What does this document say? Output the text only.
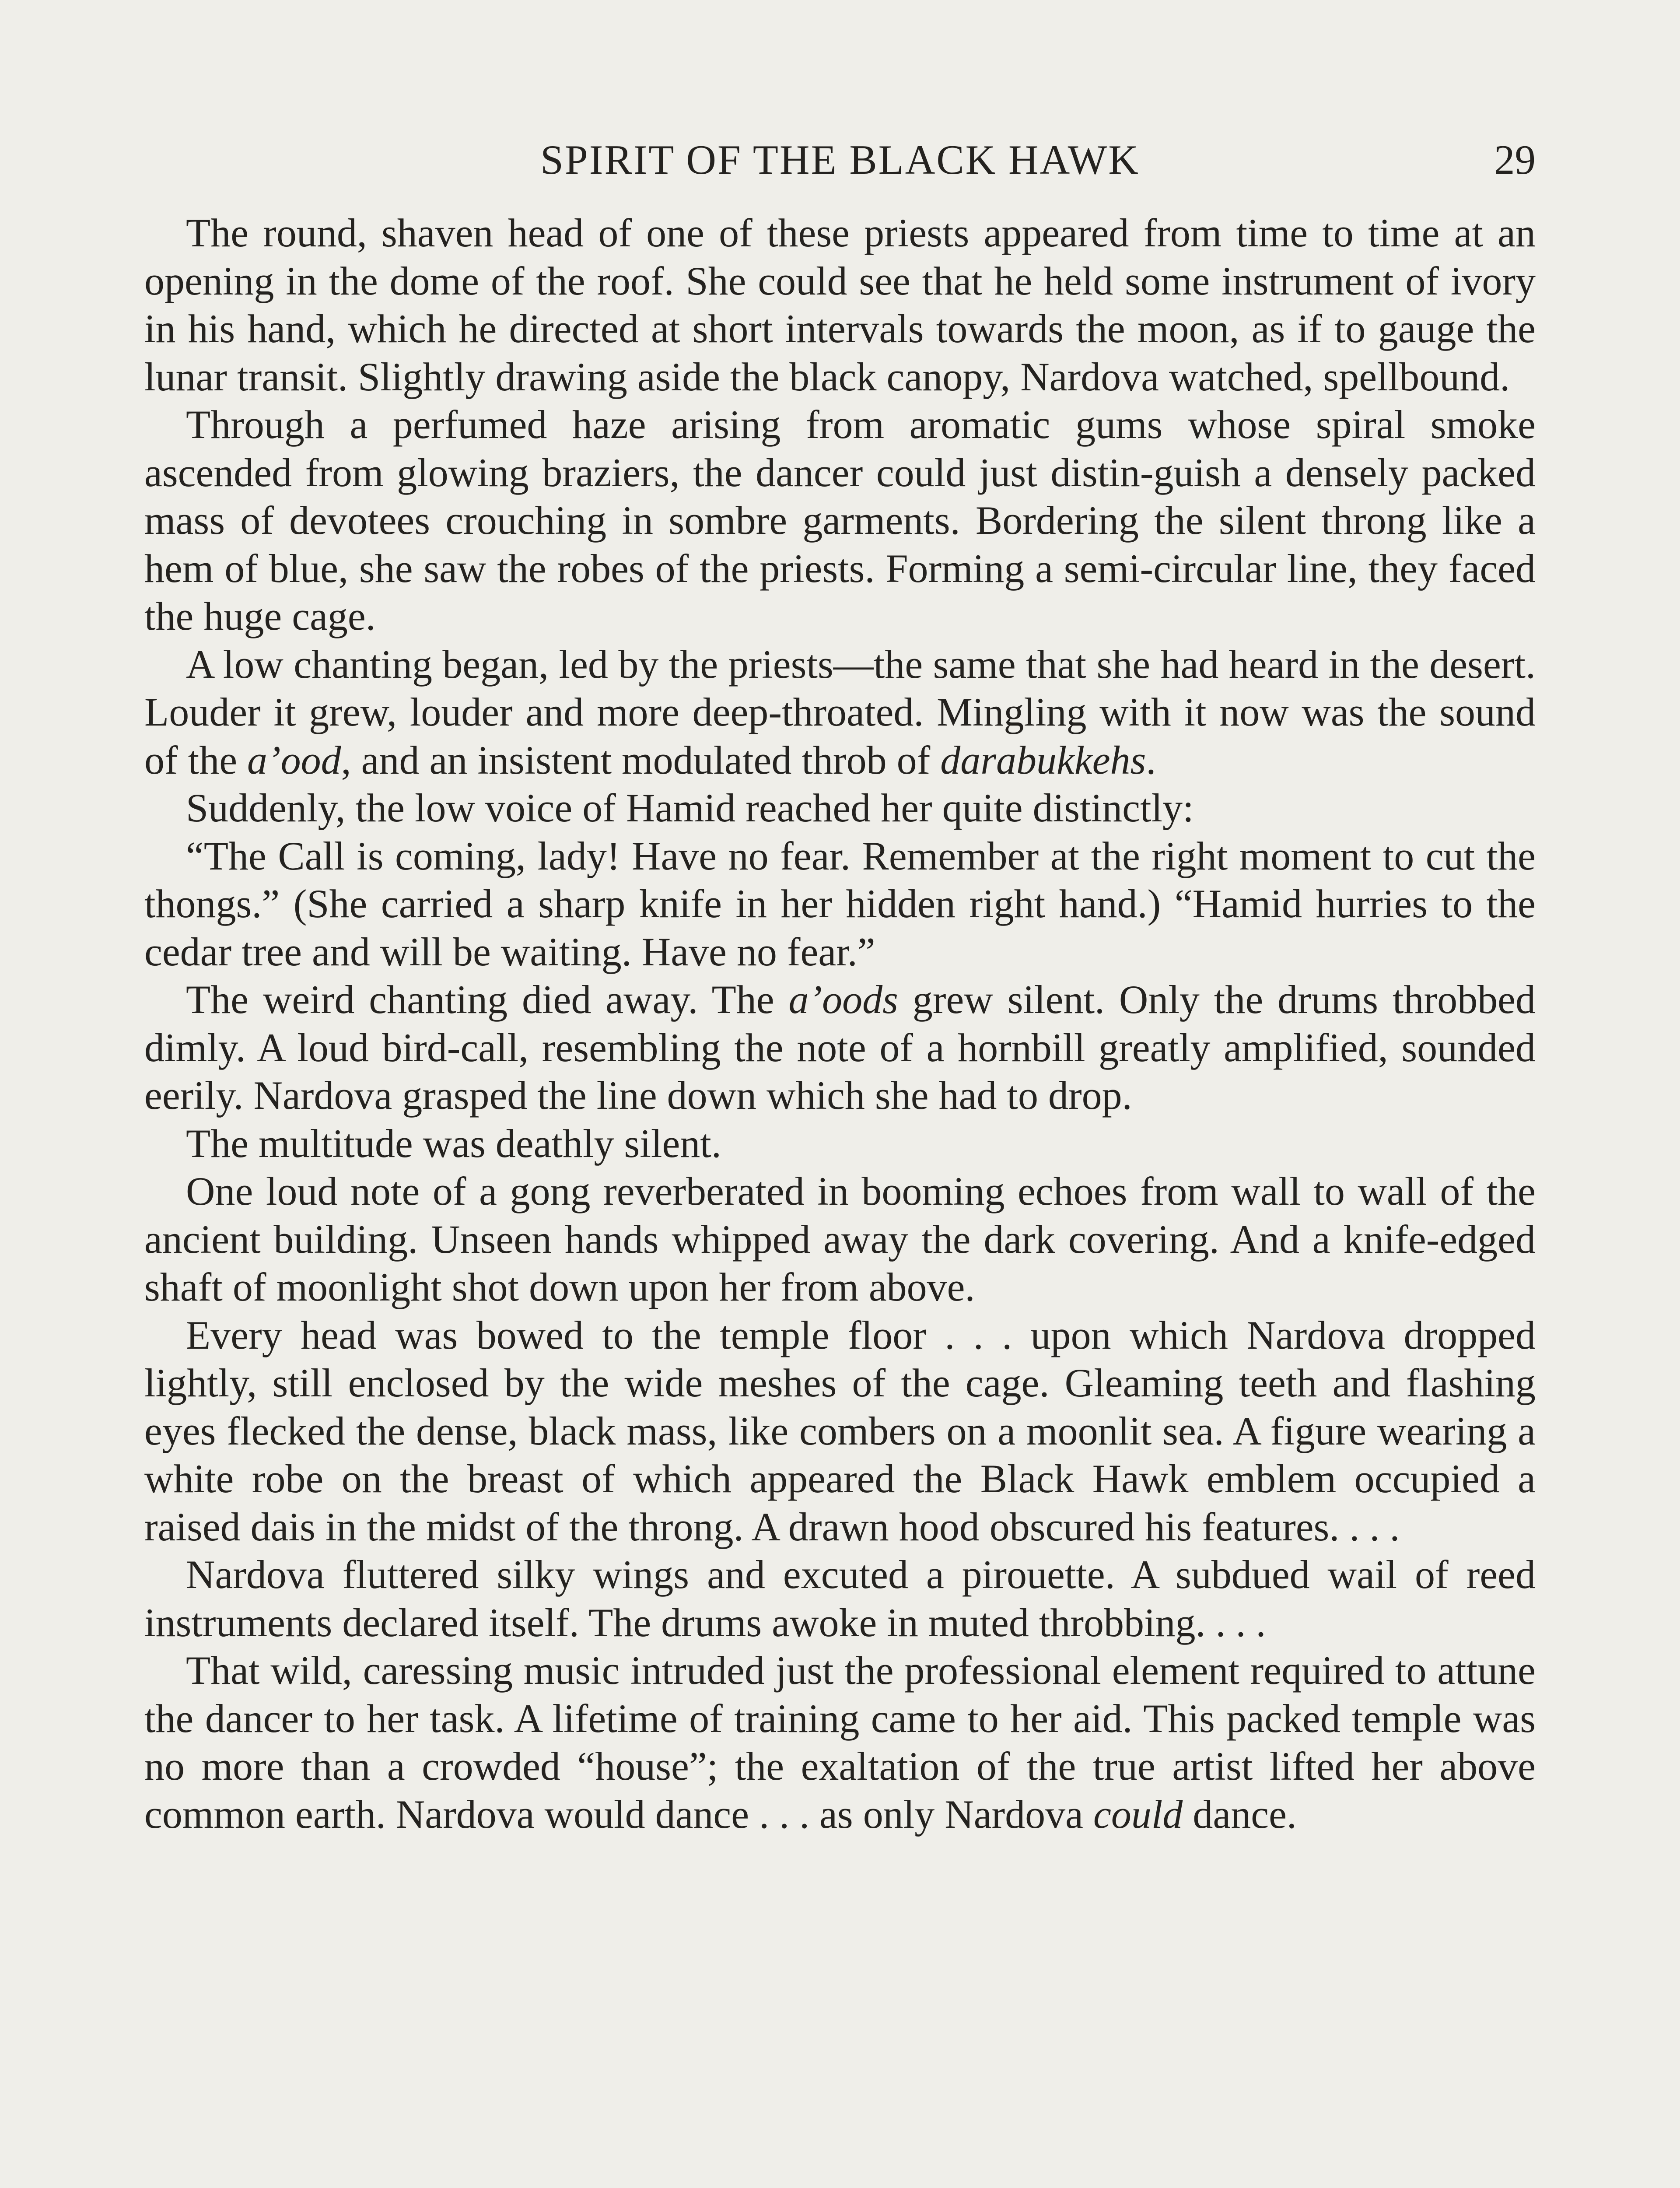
SPIRIT OF THE BLACK HAWK	29

The round, shaven head of one of these priests appeared from time to time at an opening in the dome of the roof. She could see that he held some instrument of ivory in his hand, which he directed at short intervals towards the moon, as if to gauge the lunar transit. Slightly drawing aside the black canopy, Nardova watched, spellbound.

Through a perfumed haze arising from aromatic gums whose spiral smoke ascended from glowing braziers, the dancer could just distin-guish a densely packed mass of devotees crouching in sombre garments. Bordering the silent throng like a hem of blue, she saw the robes of the priests. Forming a semi-circular line, they faced the huge cage.

A low chanting began, led by the priests—the same that she had heard in the desert. Louder it grew, louder and more deep-throated. Mingling with it now was the sound of the a’ood, and an insistent modulated throb of darabukkehs.

Suddenly, the low voice of Hamid reached her quite distinctly:

“The Call is coming, lady! Have no fear. Remember at the right moment to cut the thongs.” (She carried a sharp knife in her hidden right hand.) “Hamid hurries to the cedar tree and will be waiting. Have no fear.”

The weird chanting died away. The a’oods grew silent. Only the drums throbbed dimly. A loud bird-call, resembling the note of a hornbill greatly amplified, sounded eerily. Nardova grasped the line down which she had to drop.

The multitude was deathly silent.

One loud note of a gong reverberated in booming echoes from wall to wall of the ancient building. Unseen hands whipped away the dark covering. And a knife-edged shaft of moonlight shot down upon her from above.

Every head was bowed to the temple floor . . . upon which Nardova dropped lightly, still enclosed by the wide meshes of the cage. Gleaming teeth and flashing eyes flecked the dense, black mass, like combers on a moonlit sea. A figure wearing a white robe on the breast of which appeared the Black Hawk emblem occupied a raised dais in the midst of the throng. A drawn hood obscured his features. . . .

Nardova fluttered silky wings and excuted a pirouette. A subdued wail of reed instruments declared itself. The drums awoke in muted throbbing. . . .

That wild, caressing music intruded just the professional element required to attune the dancer to her task. A lifetime of training came to her aid. This packed temple was no more than a crowded “house”; the exaltation of the true artist lifted her above common earth. Nardova would dance . . . as only Nardova could dance.
